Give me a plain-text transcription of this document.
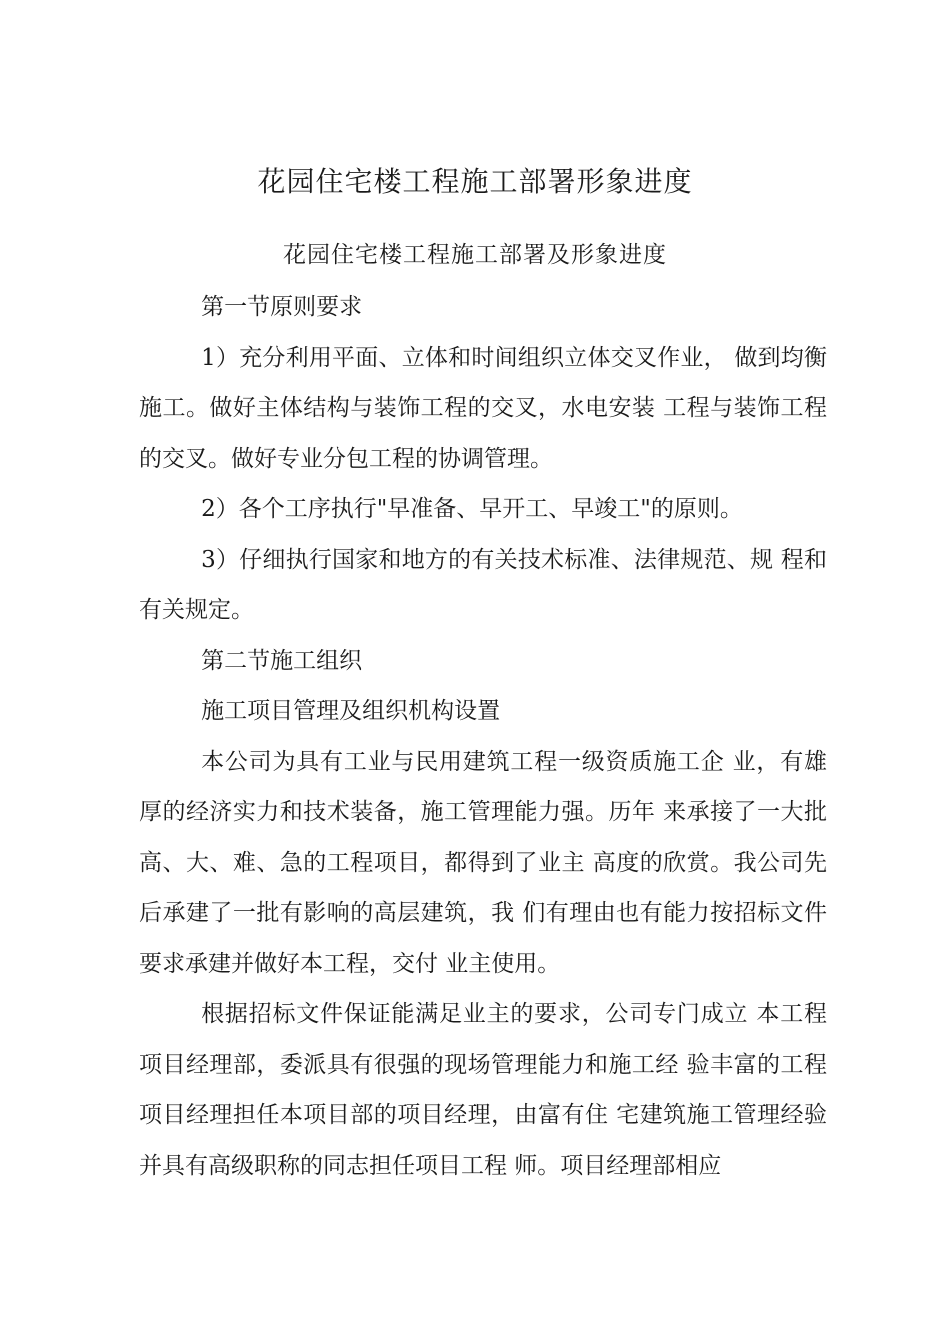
花园住宅楼工程施工部署形象进度
花园住宅楼工程施工部署及形象进度

第一节原则要求

1）充分利用平面、立体和时间组织立体交叉作业， 做到均衡施工。做好主体结构与装饰工程的交叉，水电安装 工程与装饰工程的交叉。做好专业分包工程的协调管理。

2）各个工序执行"早准备、早开工、早竣工"的原则。

3）仔细执行国家和地方的有关技术标准、法律规范、规 程和有关规定。

第二节施工组织

施工项目管理及组织机构设置

本公司为具有工业与民用建筑工程一级资质施工企 业，有雄厚的经济实力和技术装备，施工管理能力强。历年 来承接了一大批高、大、难、急的工程项目，都得到了业主 高度的欣赏。我公司先后承建了一批有影响的高层建筑，我 们有理由也有能力按招标文件要求承建并做好本工程，交付 业主使用。

根据招标文件保证能满足业主的要求，公司专门成立 本工程项目经理部，委派具有很强的现场管理能力和施工经 验丰富的工程项目经理担任本项目部的项目经理，由富有住 宅建筑施工管理经验并具有高级职称的同志担任项目工程 师。项目经理部相应
